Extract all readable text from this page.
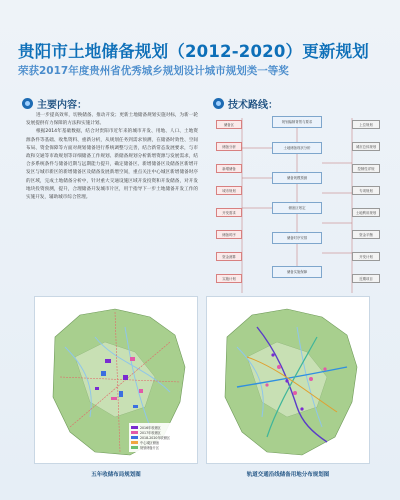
贵阳市土地储备规划（2012-2020）更新规划
荣获2017年度贵州省优秀城乡规划设计城市规划类一等奖
主要内容：	技术路线：

进一步提高效率，切换储备、推动开发；更新土地储备规划实施对标，为新一轮发展提供有力保障的方法和实施计划。

根据2014年基础数据，结合对贵阳市近年来的城市开发、用地、人口、土地资源条件等基础、收集资料、重新分析，从规划任务到需求预测，在储备时效性、空间布局、资金保障等方面对规划储备进行系统调整与完善，结合新常态发展要求，与市政和交通等市政规划等详细储备工作规划、新储备规划分析新增资源与发展需求，结合多系统条件与储备近期与远期能力提升，确定储备区、新增储备区及储备区新增开发区与城市新区的新增储备区及储备发展新增空间，重点关注中心城区新增储备时序的区域，完成土地储备分析中，针对重大交通设施区域开发投资和开发储备，对开发地块投资预测，提升，合理储备开发城市片区，用于指导下一步土地储备开发工作的实施开发，辅助城市综合管理。

储备区
储备分析
新增储备
城市规划
开发需求
储备时序
资金测算
实施计划
规划编制背景与要求
土地储备现状分析
储备规模预测
储备区划定
储备时序安排
储备实施保障
上位规划
城市总体规划
控制性详规
专项规划
土地利用规划
资金平衡
开发计划
近期项目
2016年收储区
2017年收储区
2018-2020年收储区
中心城区储备
规划储备片区
五年收储布局规划图	轨道交通沿线储备用地分布规划图
